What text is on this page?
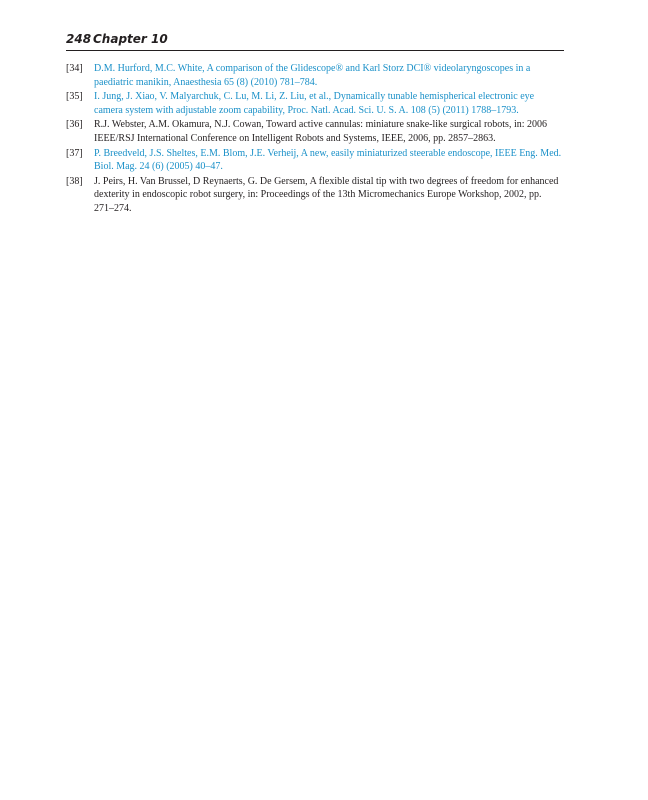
248 Chapter 10
[34] D.M. Hurford, M.C. White, A comparison of the Glidescope® and Karl Storz DCI® videolaryngoscopes in a paediatric manikin, Anaesthesia 65 (8) (2010) 781–784.
[35] I. Jung, J. Xiao, V. Malyarchuk, C. Lu, M. Li, Z. Liu, et al., Dynamically tunable hemispherical electronic eye camera system with adjustable zoom capability, Proc. Natl. Acad. Sci. U. S. A. 108 (5) (2011) 1788–1793.
[36] R.J. Webster, A.M. Okamura, N.J. Cowan, Toward active cannulas: miniature snake-like surgical robots, in: 2006 IEEE/RSJ International Conference on Intelligent Robots and Systems, IEEE, 2006, pp. 2857–2863.
[37] P. Breedveld, J.S. Sheltes, E.M. Blom, J.E. Verheij, A new, easily miniaturized steerable endoscope, IEEE Eng. Med. Biol. Mag. 24 (6) (2005) 40–47.
[38] J. Peirs, H. Van Brussel, D Reynaerts, G. De Gersem, A flexible distal tip with two degrees of freedom for enhanced dexterity in endoscopic robot surgery, in: Proceedings of the 13th Micromechanics Europe Workshop, 2002, pp. 271–274.
